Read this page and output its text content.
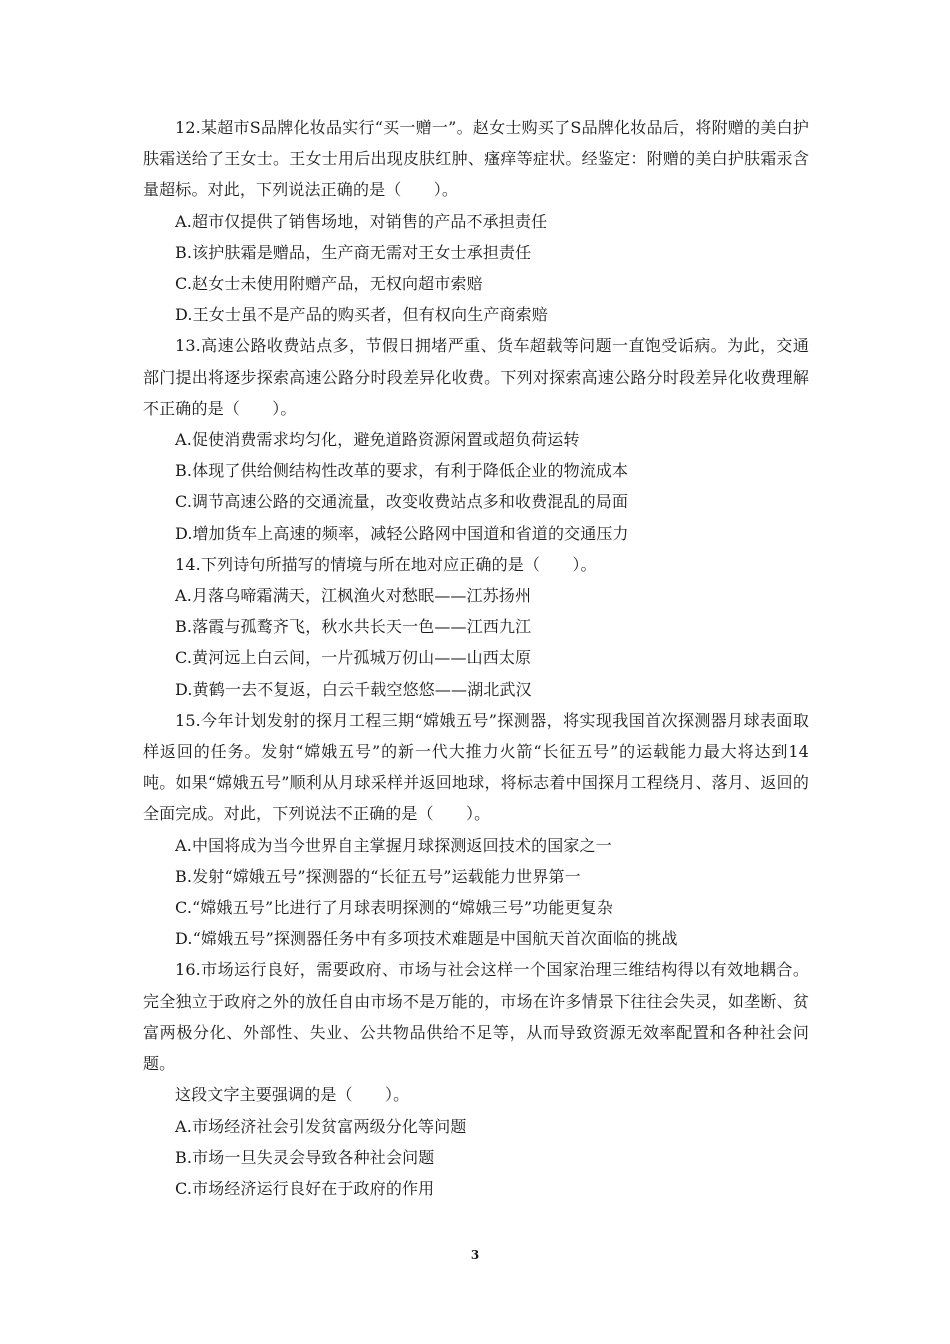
12.某超市S品牌化妆品实行“买一赠一”。赵女士购买了S品牌化妆品后，将附赠的美白护肤霜送给了王女士。王女士用后出现皮肤红肿、瘙痒等症状。经鉴定：附赠的美白护肤霜汞含量超标。对此，下列说法正确的是（　　）。

A.超市仅提供了销售场地，对销售的产品不承担责任

B.该护肤霜是赠品，生产商无需对王女士承担责任

C.赵女士未使用附赠产品，无权向超市索赔

D.王女士虽不是产品的购买者，但有权向生产商索赔

13.高速公路收费站点多，节假日拥堵严重、货车超载等问题一直饱受诟病。为此，交通部门提出将逐步探索高速公路分时段差异化收费。下列对探索高速公路分时段差异化收费理解不正确的是（　　）。

A.促使消费需求均匀化，避免道路资源闲置或超负荷运转

B.体现了供给侧结构性改革的要求，有利于降低企业的物流成本

C.调节高速公路的交通流量，改变收费站点多和收费混乱的局面

D.增加货车上高速的频率，减轻公路网中国道和省道的交通压力

14.下列诗句所描写的情境与所在地对应正确的是（　　）。

A.月落乌啼霜满天，江枫渔火对愁眠——江苏扬州

B.落霞与孤鹜齐飞，秋水共长天一色——江西九江

C.黄河远上白云间，一片孤城万仞山——山西太原

D.黄鹤一去不复返，白云千载空悠悠——湖北武汉

15.今年计划发射的探月工程三期“嫦娥五号”探测器，将实现我国首次探测器月球表面取样返回的任务。发射“嫦娥五号”的新一代大推力火箭“长征五号”的运载能力最大将达到14吨。如果“嫦娥五号”顺利从月球采样并返回地球，将标志着中国探月工程绕月、落月、返回的全面完成。对此，下列说法不正确的是（　　）。

A.中国将成为当今世界自主掌握月球探测返回技术的国家之一

B.发射“嫦娥五号”探测器的“长征五号”运载能力世界第一

C.“嫦娥五号”比进行了月球表明探测的“嫦娥三号”功能更复杂

D.“嫦娥五号”探测器任务中有多项技术难题是中国航天首次面临的挑战

16.市场运行良好，需要政府、市场与社会这样一个国家治理三维结构得以有效地耦合。完全独立于政府之外的放任自由市场不是万能的，市场在许多情景下往往会失灵，如垄断、贫富两极分化、外部性、失业、公共物品供给不足等，从而导致资源无效率配置和各种社会问题。

这段文字主要强调的是（　　）。

A.市场经济社会引发贫富两级分化等问题

B.市场一旦失灵会导致各种社会问题

C.市场经济运行良好在于政府的作用

3
